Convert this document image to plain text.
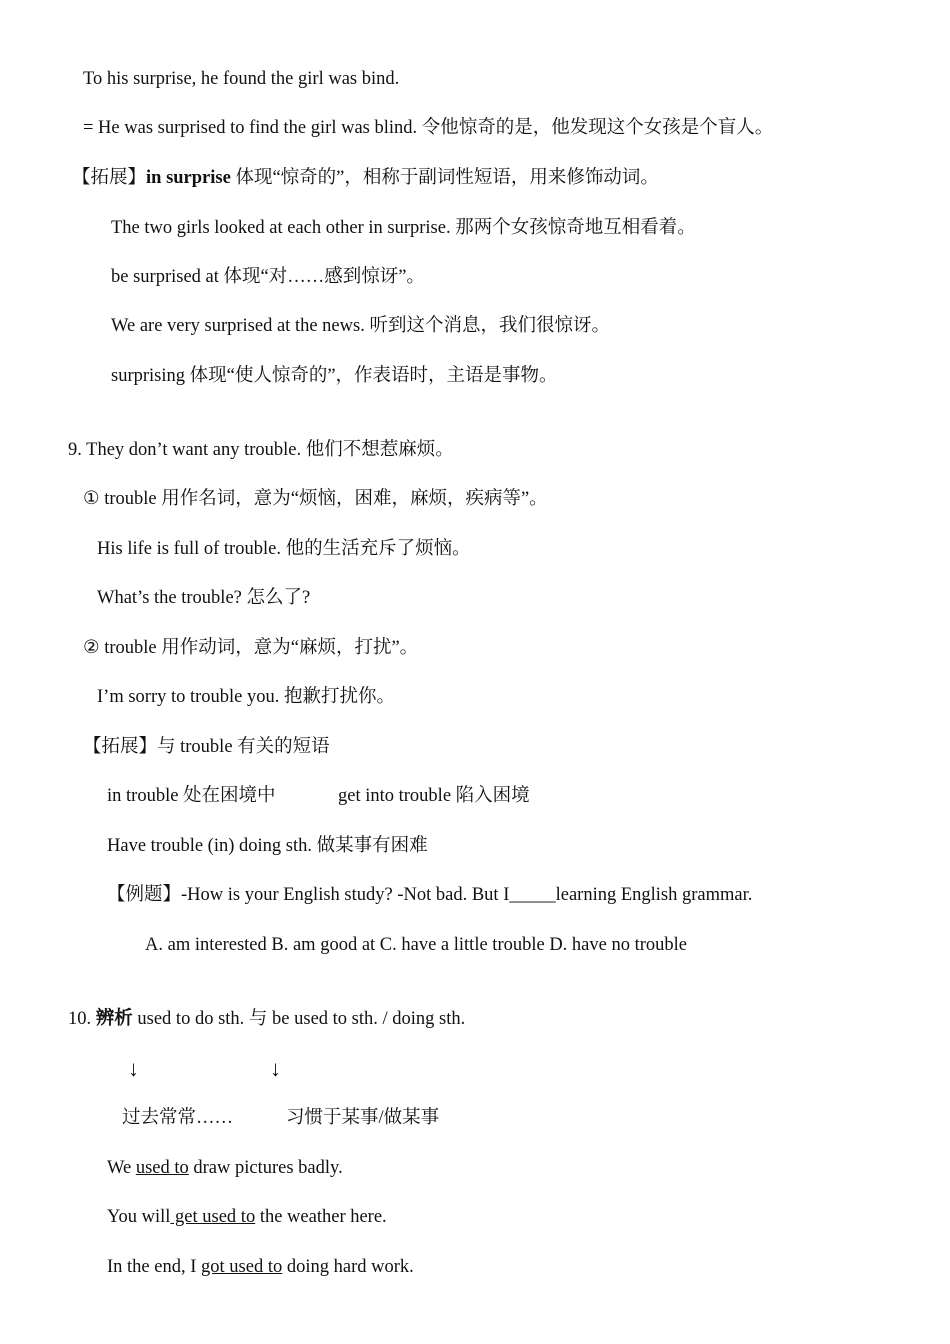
To his surprise, he found the girl was bind.
= He was surprised to find the girl was blind. 令他惊奇的是，他发现这个女孩是个盲人。
【拓展】in surprise 体现“惊奇的”，相称于副词性短语，用来修饰动词。
The two girls looked at each other in surprise. 那两个女孩惊奇地互相看着。
be surprised at 体现“对……感到惊讶”。
We are very surprised at the news. 听到这个消息，我们很惊讶。
surprising 体现“使人惊奇的”，作表语时，主语是事物。
9. They don’t want any trouble. 他们不想惹麻烦。
① trouble 用作名词，意为“烦恼，困难，麻烦，疾病等”。
His life is full of trouble. 他的生活充斥了烦恼。
What’s the trouble? 怎么了?
② trouble 用作动词，意为“麻烦，打扰”。
I’m sorry to trouble you. 抱歉打扰你。
【拓展】与 trouble 有关的短语
in trouble 处在困境中	get into trouble 陷入困境
Have trouble (in) doing sth. 做某事有困难
【例题】-How is your English study? -Not bad. But I_____learning English grammar.
A. am interested B. am good at C. have a little trouble D. have no trouble
10. 辨析 used to do sth. 与 be used to sth. / doing sth.
↓	↓
过去常常……	习惯于某事/做某事
We used to draw pictures badly.
You will get used to the weather here.
In the end, I got used to doing hard work.
